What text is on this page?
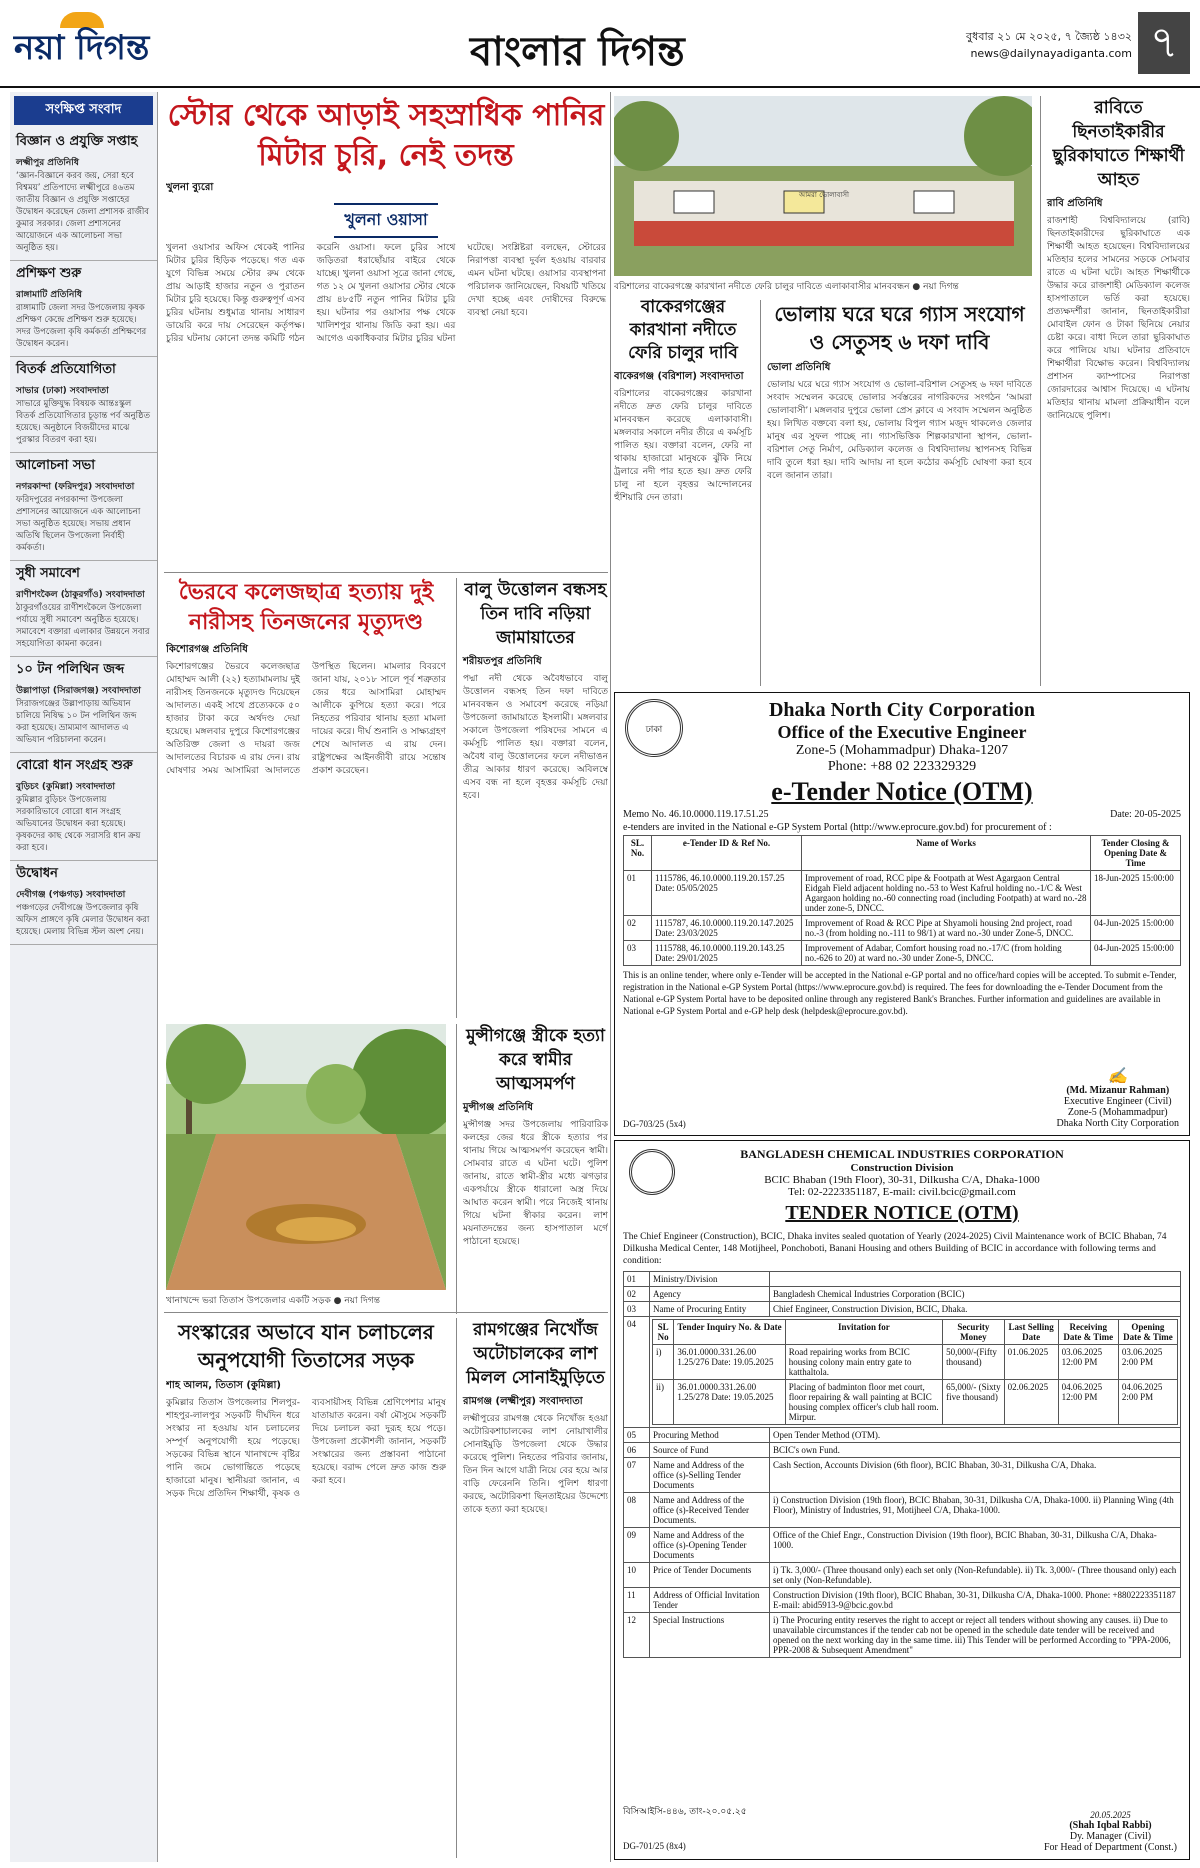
নয়া দিগন্ত	বাংলার দিগন্ত	বুধবার ২১ মে ২০২৫, ৭ জ্যৈষ্ঠ ১৪৩২
news@dailynayadiganta.com ৭
সংক্ষিপ্ত সংবাদ
বিজ্ঞান ও প্রযুক্তি সপ্তাহ
লক্ষ্মীপুর প্রতিনিধি

‘জ্ঞান-বিজ্ঞানে করব জয়, সেরা হবে বিশ্বময়’ প্রতিপাদ্যে লক্ষ্মীপুরে ৪৬তম জাতীয় বিজ্ঞান ও প্রযুক্তি সপ্তাহের উদ্বোধন করেছেন জেলা প্রশাসক রাজীব কুমার সরকার। জেলা প্রশাসনের আয়োজনে এক আলোচনা সভা অনুষ্ঠিত হয়।

প্রশিক্ষণ শুরু
রাঙ্গামাটি প্রতিনিধি

রাঙ্গামাটি জেলা সদর উপজেলায় কৃষক প্রশিক্ষণ কেন্দ্রে প্রশিক্ষণ শুরু হয়েছে। সদর উপজেলা কৃষি কর্মকর্তা প্রশিক্ষণের উদ্বোধন করেন।

বিতর্ক প্রতিযোগিতা
সাভার (ঢাকা) সংবাদদাতা

সাভারে মুক্তিযুদ্ধ বিষয়ক আন্তঃস্কুল বিতর্ক প্রতিযোগিতার চূড়ান্ত পর্ব অনুষ্ঠিত হয়েছে। অনুষ্ঠানে বিজয়ীদের মাঝে পুরস্কার বিতরণ করা হয়।

আলোচনা সভা
নগরকান্দা (ফরিদপুর) সংবাদদাতা

ফরিদপুরের নগরকান্দা উপজেলা প্রশাসনের আয়োজনে এক আলোচনা সভা অনুষ্ঠিত হয়েছে। সভায় প্রধান অতিথি ছিলেন উপজেলা নির্বাহী কর্মকর্তা।

সুধী সমাবেশ
রাণীশংকৈল (ঠাকুরগাঁও) সংবাদদাতা

ঠাকুরগাঁওয়ের রাণীশংকৈলে উপজেলা পর্যায়ে সুধী সমাবেশ অনুষ্ঠিত হয়েছে। সমাবেশে বক্তারা এলাকার উন্নয়নে সবার সহযোগিতা কামনা করেন।

১০ টন পলিথিন জব্দ
উল্লাপাড়া (সিরাজগঞ্জ) সংবাদদাতা

সিরাজগঞ্জের উল্লাপাড়ায় অভিযান চালিয়ে নিষিদ্ধ ১০ টন পলিথিন জব্দ করা হয়েছে। ভ্রাম্যমাণ আদালত এ অভিযান পরিচালনা করেন।

বোরো ধান সংগ্রহ শুরু
বুড়িচং (কুমিল্লা) সংবাদদাতা

কুমিল্লার বুড়িচং উপজেলায় সরকারিভাবে বোরো ধান সংগ্রহ অভিযানের উদ্বোধন করা হয়েছে। কৃষকদের কাছ থেকে সরাসরি ধান ক্রয় করা হবে।

উদ্বোধন
দেবীগঞ্জ (পঞ্চগড়) সংবাদদাতা

পঞ্চগড়ের দেবীগঞ্জে উপজেলার কৃষি অফিস প্রাঙ্গণে কৃষি মেলার উদ্বোধন করা হয়েছে। মেলায় বিভিন্ন স্টল অংশ নেয়।

স্টোর থেকে আড়াই সহস্রাধিক পানির মিটার চুরি, নেই তদন্ত
খুলনা ব্যুরো
খুলনা ওয়াসা
খুলনা ওয়াসার অফিস থেকেই পানির মিটার চুরির হিড়িক পড়েছে। গত এক যুগে বিভিন্ন সময়ে স্টোর রুম থেকে প্রায় আড়াই হাজার নতুন ও পুরাতন মিটার চুরি হয়েছে। কিন্তু গুরুত্বপূর্ণ এসব চুরির ঘটনায় শুধুমাত্র থানায় সাধারণ ডায়েরি করে দায় সেরেছেন কর্তৃপক্ষ। চুরির ঘটনায় কোনো তদন্ত কমিটি গঠন করেনি ওয়াসা। ফলে চুরির সাথে জড়িতরা ধরাছোঁয়ার বাইরে থেকে যাচ্ছে। খুলনা ওয়াসা সূত্রে জানা গেছে, গত ১২ মে খুলনা ওয়াসার স্টোর থেকে প্রায় ৪৮৫টি নতুন পানির মিটার চুরি হয়। ঘটনার পর ওয়াসার পক্ষ থেকে খালিশপুর থানায় জিডি করা হয়। এর আগেও একাধিকবার মিটার চুরির ঘটনা ঘটেছে। সংশ্লিষ্টরা বলছেন, স্টোরের নিরাপত্তা ব্যবস্থা দুর্বল হওয়ায় বারবার এমন ঘটনা ঘটছে। ওয়াসার ব্যবস্থাপনা পরিচালক জানিয়েছেন, বিষয়টি খতিয়ে দেখা হচ্ছে এবং দোষীদের বিরুদ্ধে ব্যবস্থা নেয়া হবে।
ভৈরবে কলেজছাত্র হত্যায় দুই নারীসহ তিনজনের মৃত্যুদণ্ড
কিশোরগঞ্জ প্রতিনিধি
কিশোরগঞ্জের ভৈরবে কলেজছাত্র মোহাম্মদ আলী (২২) হত্যামামলায় দুই নারীসহ তিনজনকে মৃত্যুদণ্ড দিয়েছেন আদালত। একই সাথে প্রত্যেককে ৫০ হাজার টাকা করে অর্থদণ্ড দেয়া হয়েছে। মঙ্গলবার দুপুরে কিশোরগঞ্জের অতিরিক্ত জেলা ও দায়রা জজ আদালতের বিচারক এ রায় দেন। রায় ঘোষণার সময় আসামিরা আদালতে উপস্থিত ছিলেন। মামলার বিবরণে জানা যায়, ২০১৮ সালে পূর্ব শত্রুতার জের ধরে আসামিরা মোহাম্মদ আলীকে কুপিয়ে হত্যা করে। পরে নিহতের পরিবার থানায় হত্যা মামলা দায়ের করে। দীর্ঘ শুনানি ও সাক্ষ্যগ্রহণ শেষে আদালত এ রায় দেন। রাষ্ট্রপক্ষের আইনজীবী রায়ে সন্তোষ প্রকাশ করেছেন।
বালু উত্তোলন বন্ধসহ তিন দাবি নড়িয়া জামায়াতের
শরীয়তপুর প্রতিনিধি
পদ্মা নদী থেকে অবৈধভাবে বালু উত্তোলন বন্ধসহ তিন দফা দাবিতে মানববন্ধন ও সমাবেশ করেছে নড়িয়া উপজেলা জামায়াতে ইসলামী। মঙ্গলবার সকালে উপজেলা পরিষদের সামনে এ কর্মসূচি পালিত হয়। বক্তারা বলেন, অবৈধ বালু উত্তোলনের ফলে নদীভাঙন তীব্র আকার ধারণ করেছে। অবিলম্বে এসব বন্ধ না হলে বৃহত্তর কর্মসূচি দেয়া হবে।
খানাখন্দে ভরা তিতাস উপজেলার একটি সড়ক ● নয়া দিগন্ত
মুন্সীগঞ্জে স্ত্রীকে হত্যা করে স্বামীর আত্মসমর্পণ
মুন্সীগঞ্জ প্রতিনিধি
মুন্সীগঞ্জ সদর উপজেলায় পারিবারিক কলহের জের ধরে স্ত্রীকে হত্যার পর থানায় গিয়ে আত্মসমর্পণ করেছেন স্বামী। সোমবার রাতে এ ঘটনা ঘটে। পুলিশ জানায়, রাতে স্বামী-স্ত্রীর মধ্যে ঝগড়ার একপর্যায়ে স্ত্রীকে ধারালো অস্ত্র দিয়ে আঘাত করেন স্বামী। পরে নিজেই থানায় গিয়ে ঘটনা স্বীকার করেন। লাশ ময়নাতদন্তের জন্য হাসপাতাল মর্গে পাঠানো হয়েছে।
সংস্কারের অভাবে যান চলাচলের অনুপযোগী তিতাসের সড়ক
শাহ আলম, তিতাস (কুমিল্লা)
কুমিল্লার তিতাস উপজেলার শিলপুর-শাহপুর-লালপুর সড়কটি দীর্ঘদিন ধরে সংস্কার না হওয়ায় যান চলাচলের সম্পূর্ণ অনুপযোগী হয়ে পড়েছে। সড়কের বিভিন্ন স্থানে খানাখন্দে বৃষ্টির পানি জমে ভোগান্তিতে পড়েছে হাজারো মানুষ। স্থানীয়রা জানান, এ সড়ক দিয়ে প্রতিদিন শিক্ষার্থী, কৃষক ও ব্যবসায়ীসহ বিভিন্ন শ্রেণিপেশার মানুষ যাতায়াত করেন। বর্ষা মৌসুমে সড়কটি দিয়ে চলাচল করা দুরূহ হয়ে পড়ে। উপজেলা প্রকৌশলী জানান, সড়কটি সংস্কারের জন্য প্রস্তাবনা পাঠানো হয়েছে। বরাদ্দ পেলে দ্রুত কাজ শুরু করা হবে।
রামগঞ্জের নিখোঁজ অটোচালকের লাশ মিলল সোনাইমুড়িতে
রামগঞ্জ (লক্ষ্মীপুর) সংবাদদাতা
লক্ষ্মীপুরের রামগঞ্জ থেকে নিখোঁজ হওয়া অটোরিকশাচালকের লাশ নোয়াখালীর সোনাইমুড়ি উপজেলা থেকে উদ্ধার করেছে পুলিশ। নিহতের পরিবার জানায়, তিন দিন আগে যাত্রী নিয়ে বের হয়ে আর বাড়ি ফেরেননি তিনি। পুলিশ ধারণা করছে, অটোরিকশা ছিনতাইয়ের উদ্দেশ্যে তাকে হত্যা করা হয়েছে।
আমরা ভোলাবাসী
বরিশালের বাকেরগঞ্জে কারখানা নদীতে ফেরি চালুর দাবিতে এলাকাবাসীর মানববন্ধন ● নয়া দিগন্ত
বাকেরগঞ্জের কারখানা নদীতে ফেরি চালুর দাবি
বাকেরগঞ্জ (বরিশাল) সংবাদদাতা
বরিশালের বাকেরগঞ্জের কারখানা নদীতে দ্রুত ফেরি চালুর দাবিতে মানববন্ধন করেছে এলাকাবাসী। মঙ্গলবার সকালে নদীর তীরে এ কর্মসূচি পালিত হয়। বক্তারা বলেন, ফেরি না থাকায় হাজারো মানুষকে ঝুঁকি নিয়ে ট্রলারে নদী পার হতে হয়। দ্রুত ফেরি চালু না হলে বৃহত্তর আন্দোলনের হুঁশিয়ারি দেন তারা।
ভোলায় ঘরে ঘরে গ্যাস সংযোগ ও সেতুসহ ৬ দফা দাবি
ভোলা প্রতিনিধি
ভোলায় ঘরে ঘরে গ্যাস সংযোগ ও ভোলা-বরিশাল সেতুসহ ৬ দফা দাবিতে সংবাদ সম্মেলন করেছে ভোলার সর্বস্তরের নাগরিকদের সংগঠন ‘আমরা ভোলাবাসী’। মঙ্গলবার দুপুরে ভোলা প্রেস ক্লাবে এ সংবাদ সম্মেলন অনুষ্ঠিত হয়। লিখিত বক্তব্যে বলা হয়, ভোলায় বিপুল গ্যাস মজুদ থাকলেও জেলার মানুষ এর সুফল পাচ্ছে না। গ্যাসভিত্তিক শিল্পকারখানা স্থাপন, ভোলা-বরিশাল সেতু নির্মাণ, মেডিক্যাল কলেজ ও বিশ্ববিদ্যালয় স্থাপনসহ বিভিন্ন দাবি তুলে ধরা হয়। দাবি আদায় না হলে কঠোর কর্মসূচি ঘোষণা করা হবে বলে জানান তারা।
রাবিতে ছিনতাইকারীর ছুরিকাঘাতে শিক্ষার্থী আহত
রাবি প্রতিনিধি
রাজশাহী বিশ্ববিদ্যালয়ে (রাবি) ছিনতাইকারীদের ছুরিকাঘাতে এক শিক্ষার্থী আহত হয়েছেন। বিশ্ববিদ্যালয়ের মতিহার হলের সামনের সড়কে সোমবার রাতে এ ঘটনা ঘটে। আহত শিক্ষার্থীকে উদ্ধার করে রাজশাহী মেডিক্যাল কলেজ হাসপাতালে ভর্তি করা হয়েছে। প্রত্যক্ষদর্শীরা জানান, ছিনতাইকারীরা মোবাইল ফোন ও টাকা ছিনিয়ে নেয়ার চেষ্টা করে। বাধা দিলে তারা ছুরিকাঘাত করে পালিয়ে যায়। ঘটনার প্রতিবাদে শিক্ষার্থীরা বিক্ষোভ করেন। বিশ্ববিদ্যালয় প্রশাসন ক্যাম্পাসের নিরাপত্তা জোরদারের আশ্বাস দিয়েছে। এ ঘটনায় মতিহার থানায় মামলা প্রক্রিয়াধীন বলে জানিয়েছে পুলিশ।
ঢাকা
Dhaka North City Corporation
Office of the Executive Engineer
Zone-5 (Mohammadpur) Dhaka-1207
Phone: +88 02 223329329
e-Tender Notice (OTM)
Memo No. 46.10.0000.119.17.51.25	Date: 20-05-2025
e-tenders are invited in the National e-GP System Portal (http://www.eprocure.gov.bd) for procurement of :
SL. No.	e-Tender ID & Ref No.	Name of Works	Tender Closing & Opening Date & Time
01	1115786, 46.10.0000.119.20.157.25 Date: 05/05/2025	Improvement of road, RCC pipe & Footpath at West Agargaon Central Eidgah Field adjacent holding no.-53 to West Kafrul holding no.-1/C & West Agargaon holding no.-60 connecting road (including Footpath) at ward no.-28 under zone-5, DNCC.	18-Jun-2025 15:00:00
02	1115787, 46.10.0000.119.20.147.2025 Date: 23/03/2025	Improvement of Road & RCC Pipe at Shyamoli housing 2nd project, road no.-3 (from holding no.-111 to 98/1) at ward no.-30 under Zone-5, DNCC.	04-Jun-2025 15:00:00
03	1115788, 46.10.0000.119.20.143.25 Date: 29/01/2025	Improvement of Adabar, Comfort housing road no.-17/C (from holding no.-626 to 20) at ward no.-30 under Zone-5, DNCC.	04-Jun-2025 15:00:00
This is an online tender, where only e-Tender will be accepted in the National e-GP portal and no office/hard copies will be accepted. To submit e-Tender, registration in the National e-GP System Portal (https://www.eprocure.gov.bd) is required. The fees for downloading the e-Tender Document from the National e-GP System Portal have to be deposited online through any registered Bank's Branches. Further information and guidelines are available in National e-GP System Portal and e-GP help desk (helpdesk@eprocure.gov.bd).
✍
(Md. Mizanur Rahman)
Executive Engineer (Civil)
Zone-5 (Mohammadpur)
Dhaka North City Corporation
DG-703/25 (5x4)
BANGLADESH CHEMICAL INDUSTRIES CORPORATION
Construction Division
BCIC Bhaban (19th Floor), 30-31, Dilkusha C/A, Dhaka-1000
Tel: 02-2223351187, E-mail: civil.bcic@gmail.com
TENDER NOTICE (OTM)
The Chief Engineer (Construction), BCIC, Dhaka invites sealed quotation of Yearly (2024-2025) Civil Maintenance work of BCIC Bhaban, 74 Dilkusha Medical Center, 148 Motijheel, Ponchoboti, Banani Housing and others Building of BCIC in accordance with following terms and condition:
01	Ministry/Division	
02	Agency	Bangladesh Chemical Industries Corporation (BCIC)
03	Name of Procuring Entity	Chief Engineer, Construction Division, BCIC, Dhaka.
04	SL No	Tender Inquiry No. & Date	Invitation for	Security Money	Last Selling Date	Receiving Date & Time	Opening Date & Time
i)	36.01.0000.331.26.00 1.25/276 Date: 19.05.2025	Road repairing works from BCIC housing colony main entry gate to katthaltola.	50,000/-(Fifty thousand)	01.06.2025	03.06.2025 12:00 PM	03.06.2025 2:00 PM
ii)	36.01.0000.331.26.00 1.25/278 Date: 19.05.2025	Placing of badminton floor met court, floor repairing & wall painting at BCIC housing complex officer's club hall room. Mirpur.	65,000/- (Sixty five thousand)	02.06.2025	04.06.2025 12:00 PM	04.06.2025 2:00 PM

05	Procuring Method	Open Tender Method (OTM).
06	Source of Fund	BCIC's own Fund.
07	Name and Address of the office (s)-Selling Tender Documents	Cash Section, Accounts Division (6th floor), BCIC Bhaban, 30-31, Dilkusha C/A, Dhaka.
08	Name and Address of the office (s)-Received Tender Documents.	i) Construction Division (19th floor), BCIC Bhaban, 30-31, Dilkusha C/A, Dhaka-1000. ii) Planning Wing (4th Floor), Ministry of Industries, 91, Motijheel C/A, Dhaka-1000.
09	Name and Address of the office (s)-Opening Tender Documents	Office of the Chief Engr., Construction Division (19th floor), BCIC Bhaban, 30-31, Dilkusha C/A, Dhaka-1000.
10	Price of Tender Documents	i) Tk. 3,000/- (Three thousand only) each set only (Non-Refundable). ii) Tk. 3,000/- (Three thousand only) each set only (Non-Refundable).
11	Address of Official Invitation Tender	Construction Division (19th floor), BCIC Bhaban, 30-31, Dilkusha C/A, Dhaka-1000. Phone: +8802223351187 E-mail: abid5913-9@bcic.gov.bd
12	Special Instructions	i) The Procuring entity reserves the right to accept or reject all tenders without showing any causes. ii) Due to unavailable circumstances if the tender cab not be opened in the schedule date tender will be received and opened on the next working day in the same time. iii) This Tender will be performed According to "PPA-2006, PPR-2008 & Subsequent Amendment"
বিসিআইসি-৪৪৬, তাং-২০.০৫.২৫
DG-701/25 (8x4)
20.05.2025
(Shah Iqbal Rabbi)
Dy. Manager (Civil)
For Head of Department (Const.)
